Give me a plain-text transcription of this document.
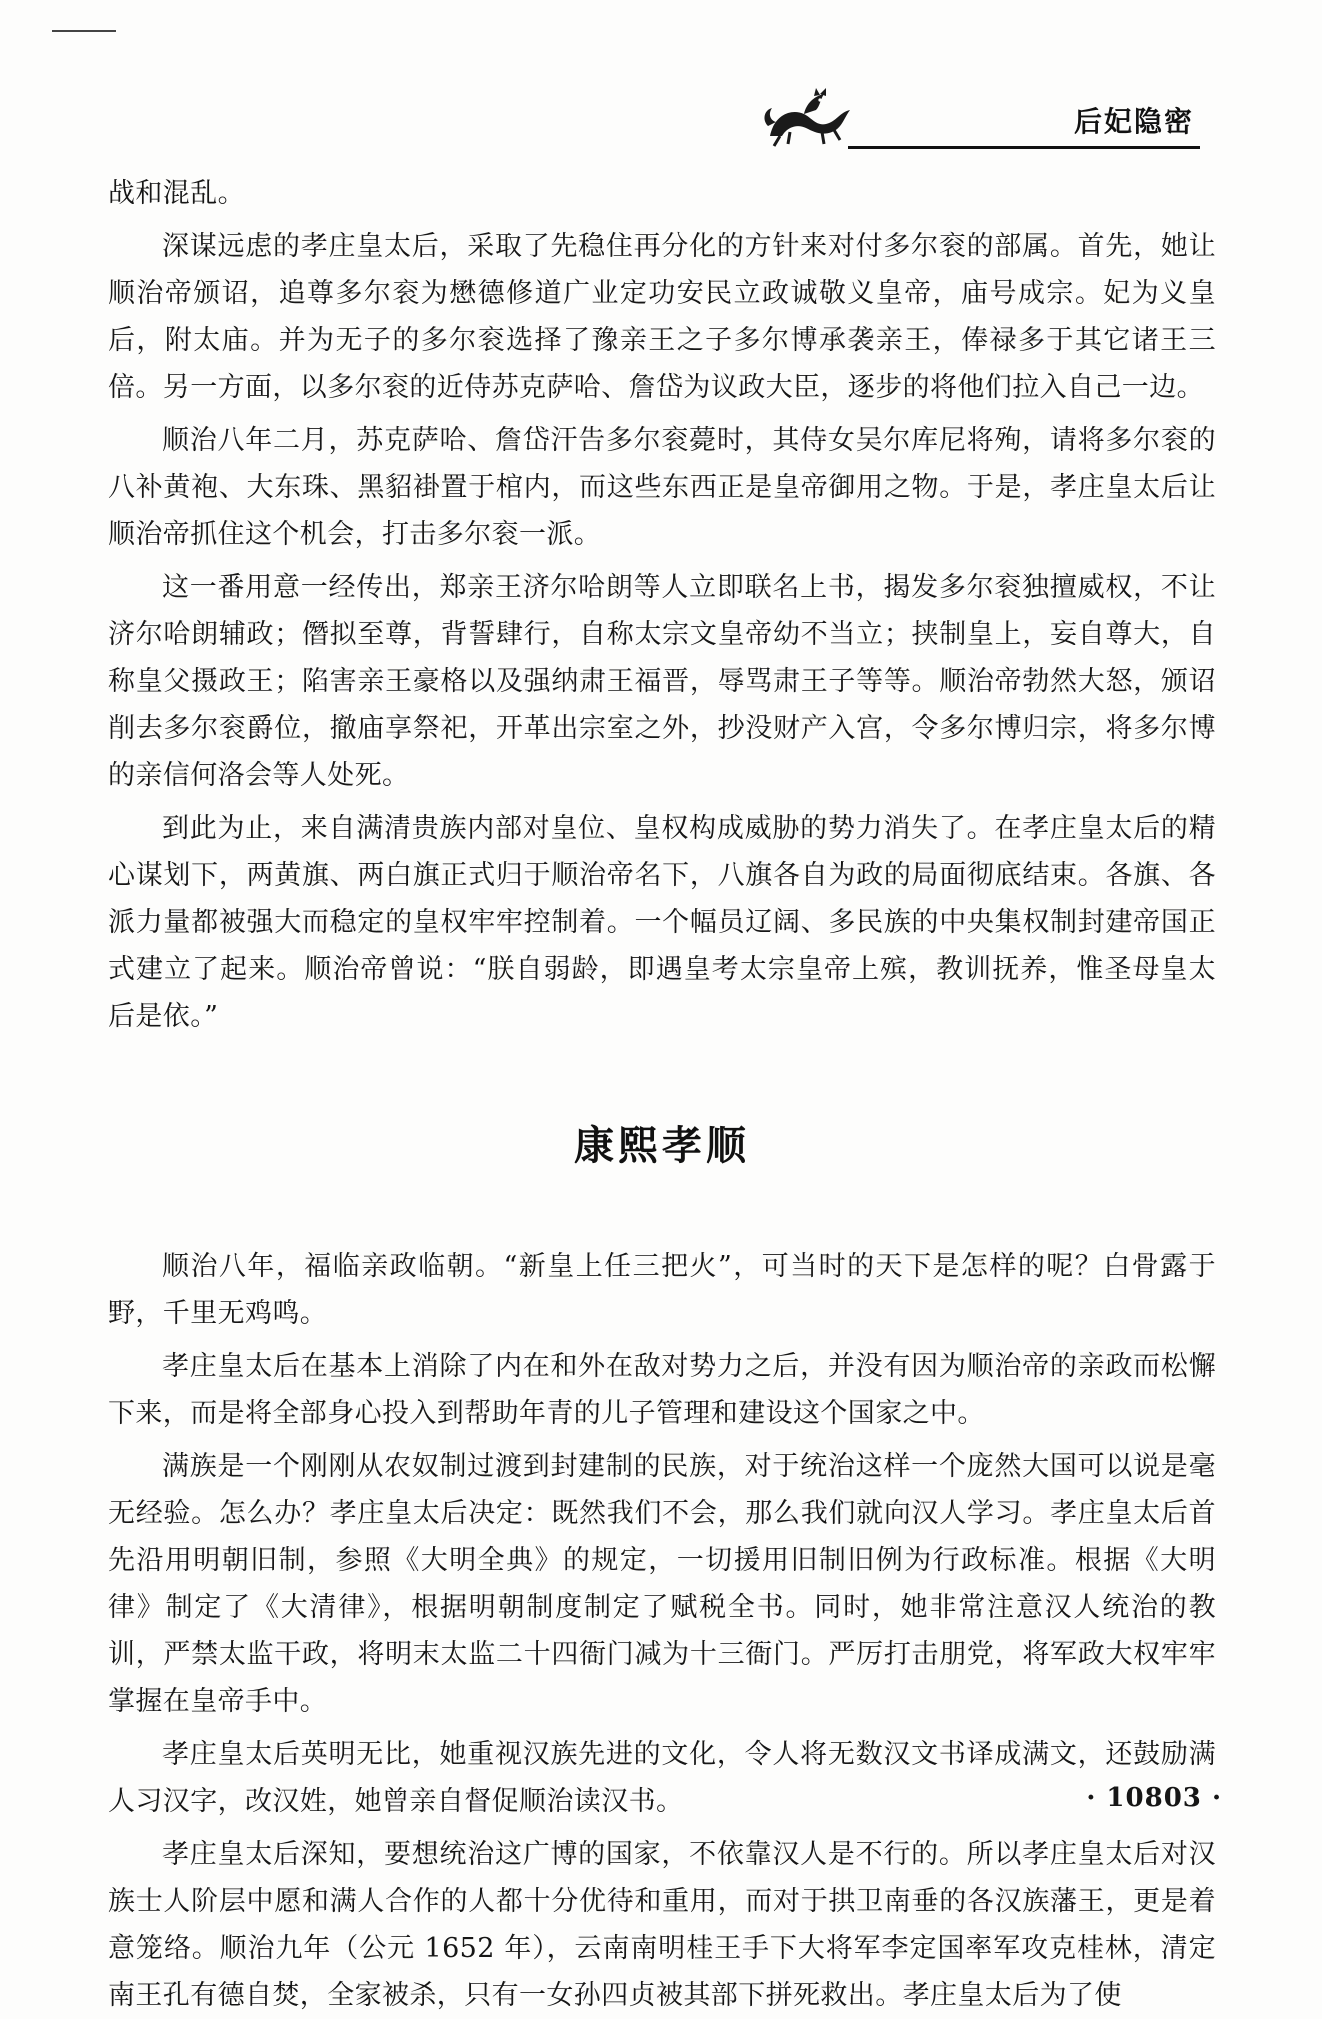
后妃隐密

战和混乱。

深谋远虑的孝庄皇太后，采取了先稳住再分化的方针来对付多尔衮的部属。首先，她让顺治帝颁诏，追尊多尔衮为懋德修道广业定功安民立政诚敬义皇帝，庙号成宗。妃为义皇后，附太庙。并为无子的多尔衮选择了豫亲王之子多尔博承袭亲王，俸禄多于其它诸王三倍。另一方面，以多尔衮的近侍苏克萨哈、詹岱为议政大臣，逐步的将他们拉入自己一边。

顺治八年二月，苏克萨哈、詹岱汗告多尔衮薨时，其侍女吴尔库尼将殉，请将多尔衮的八补黄袍、大东珠、黑貂褂置于棺内，而这些东西正是皇帝御用之物。于是，孝庄皇太后让顺治帝抓住这个机会，打击多尔衮一派。

这一番用意一经传出，郑亲王济尔哈朗等人立即联名上书，揭发多尔衮独擅威权，不让济尔哈朗辅政；僭拟至尊，背誓肆行，自称太宗文皇帝幼不当立；挟制皇上，妄自尊大，自称皇父摄政王；陷害亲王豪格以及强纳肃王福晋，辱骂肃王子等等。顺治帝勃然大怒，颁诏削去多尔衮爵位，撤庙享祭祀，开革出宗室之外，抄没财产入宫，令多尔博归宗，将多尔博的亲信何洛会等人处死。

到此为止，来自满清贵族内部对皇位、皇权构成威胁的势力消失了。在孝庄皇太后的精心谋划下，两黄旗、两白旗正式归于顺治帝名下，八旗各自为政的局面彻底结束。各旗、各派力量都被强大而稳定的皇权牢牢控制着。一个幅员辽阔、多民族的中央集权制封建帝国正式建立了起来。顺治帝曾说：“朕自弱龄，即遇皇考太宗皇帝上殡，教训抚养，惟圣母皇太后是依。”

康熙孝顺

顺治八年，福临亲政临朝。“新皇上任三把火”，可当时的天下是怎样的呢？白骨露于野，千里无鸡鸣。

孝庄皇太后在基本上消除了内在和外在敌对势力之后，并没有因为顺治帝的亲政而松懈下来，而是将全部身心投入到帮助年青的儿子管理和建设这个国家之中。

满族是一个刚刚从农奴制过渡到封建制的民族，对于统治这样一个庞然大国可以说是毫无经验。怎么办？孝庄皇太后决定：既然我们不会，那么我们就向汉人学习。孝庄皇太后首先沿用明朝旧制，参照《大明全典》的规定，一切援用旧制旧例为行政标准。根据《大明律》制定了《大清律》，根据明朝制度制定了赋税全书。同时，她非常注意汉人统治的教训，严禁太监干政，将明末太监二十四衙门减为十三衙门。严厉打击朋党，将军政大权牢牢掌握在皇帝手中。

孝庄皇太后英明无比，她重视汉族先进的文化，令人将无数汉文书译成满文，还鼓励满人习汉字，改汉姓，她曾亲自督促顺治读汉书。

孝庄皇太后深知，要想统治这广博的国家，不依靠汉人是不行的。所以孝庄皇太后对汉族士人阶层中愿和满人合作的人都十分优待和重用，而对于拱卫南垂的各汉族藩王，更是着意笼络。顺治九年（公元 1652 年），云南南明桂王手下大将军李定国率军攻克桂林，清定南王孔有德自焚，全家被杀，只有一女孙四贞被其部下拼死救出。孝庄皇太后为了使

· 10803 ·
